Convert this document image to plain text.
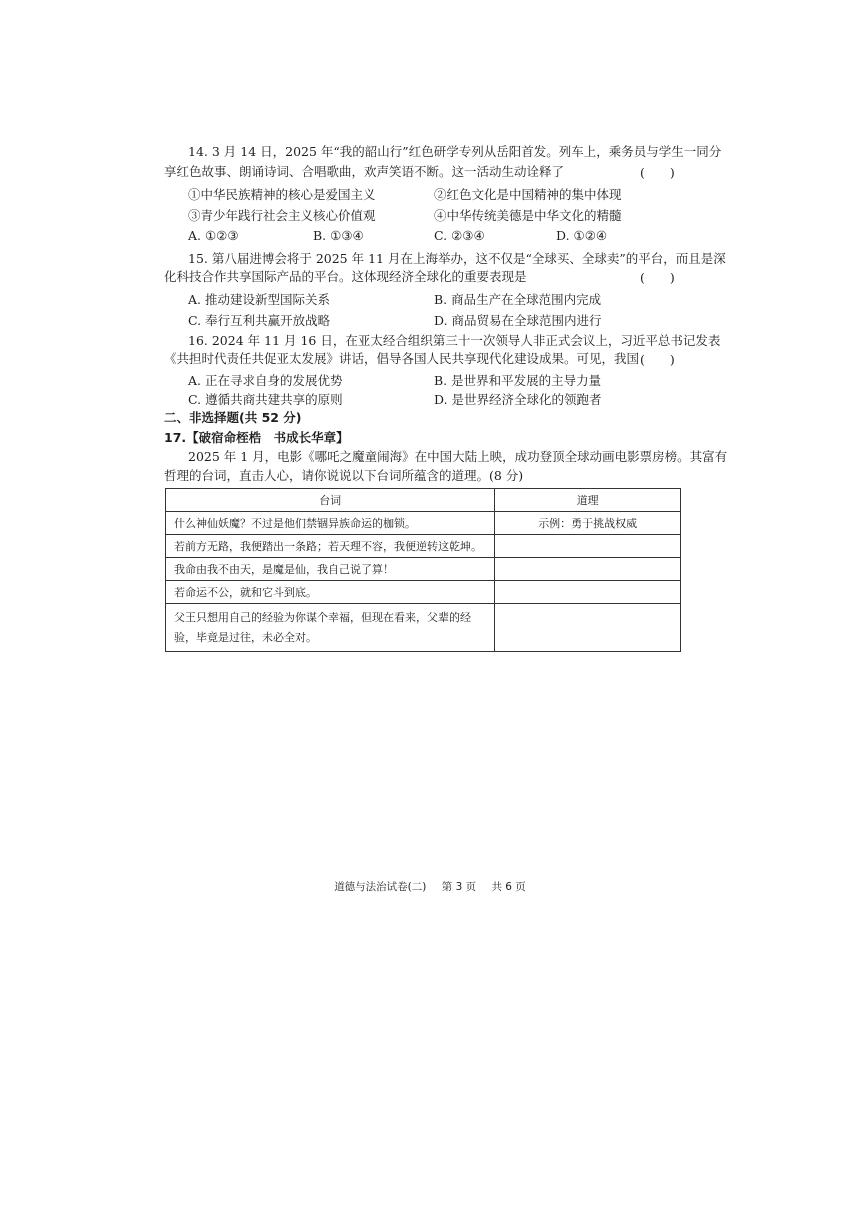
14. 3 月 14 日，2025 年“我的韶山行”红色研学专列从岳阳首发。列车上，乘务员与学生一同分
享红色故事、朗诵诗词、合唱歌曲，欢声笑语不断。这一活动生动诠释了	(　　)
①中华民族精神的核心是爱国主义	②红色文化是中国精神的集中体现
③青少年践行社会主义核心价值观	④中华传统美德是中华文化的精髓
A. ①②③	B. ①③④	C. ②③④	D. ①②④
15. 第八届进博会将于 2025 年 11 月在上海举办，这不仅是“全球买、全球卖”的平台，而且是深
化科技合作共享国际产品的平台。这体现经济全球化的重要表现是	(　　)
A. 推动建设新型国际关系	B. 商品生产在全球范围内完成
C. 奉行互利共赢开放战略	D. 商品贸易在全球范围内进行
16. 2024 年 11 月 16 日，在亚太经合组织第三十一次领导人非正式会议上，习近平总书记发表
《共担时代责任共促亚太发展》讲话，倡导各国人民共享现代化建设成果。可见，我国 (　　)
A. 正在寻求自身的发展优势	B. 是世界和平发展的主导力量
C. 遵循共商共建共享的原则	D. 是世界经济全球化的领跑者
二、非选择题(共 52 分)
17.【破宿命桎梏　书成长华章】
2025 年 1 月，电影《哪吒之魔童闹海》在中国大陆上映，成功登顶全球动画电影票房榜。其富有
哲理的台词，直击人心，请你说说以下台词所蕴含的道理。(8 分)
台词	道理
什么神仙妖魔？不过是他们禁锢异族命运的枷锁。	示例：勇于挑战权威
若前方无路，我便踏出一条路；若天理不容，我便逆转这乾坤。	
我命由我不由天，是魔是仙，我自己说了算！	
若命运不公，就和它斗到底。	
父王只想用自己的经验为你谋个幸福，但现在看来，父辈的经验，毕竟是过往，未必全对。	
道德与法治试卷(二) 第 3 页 共 6 页
